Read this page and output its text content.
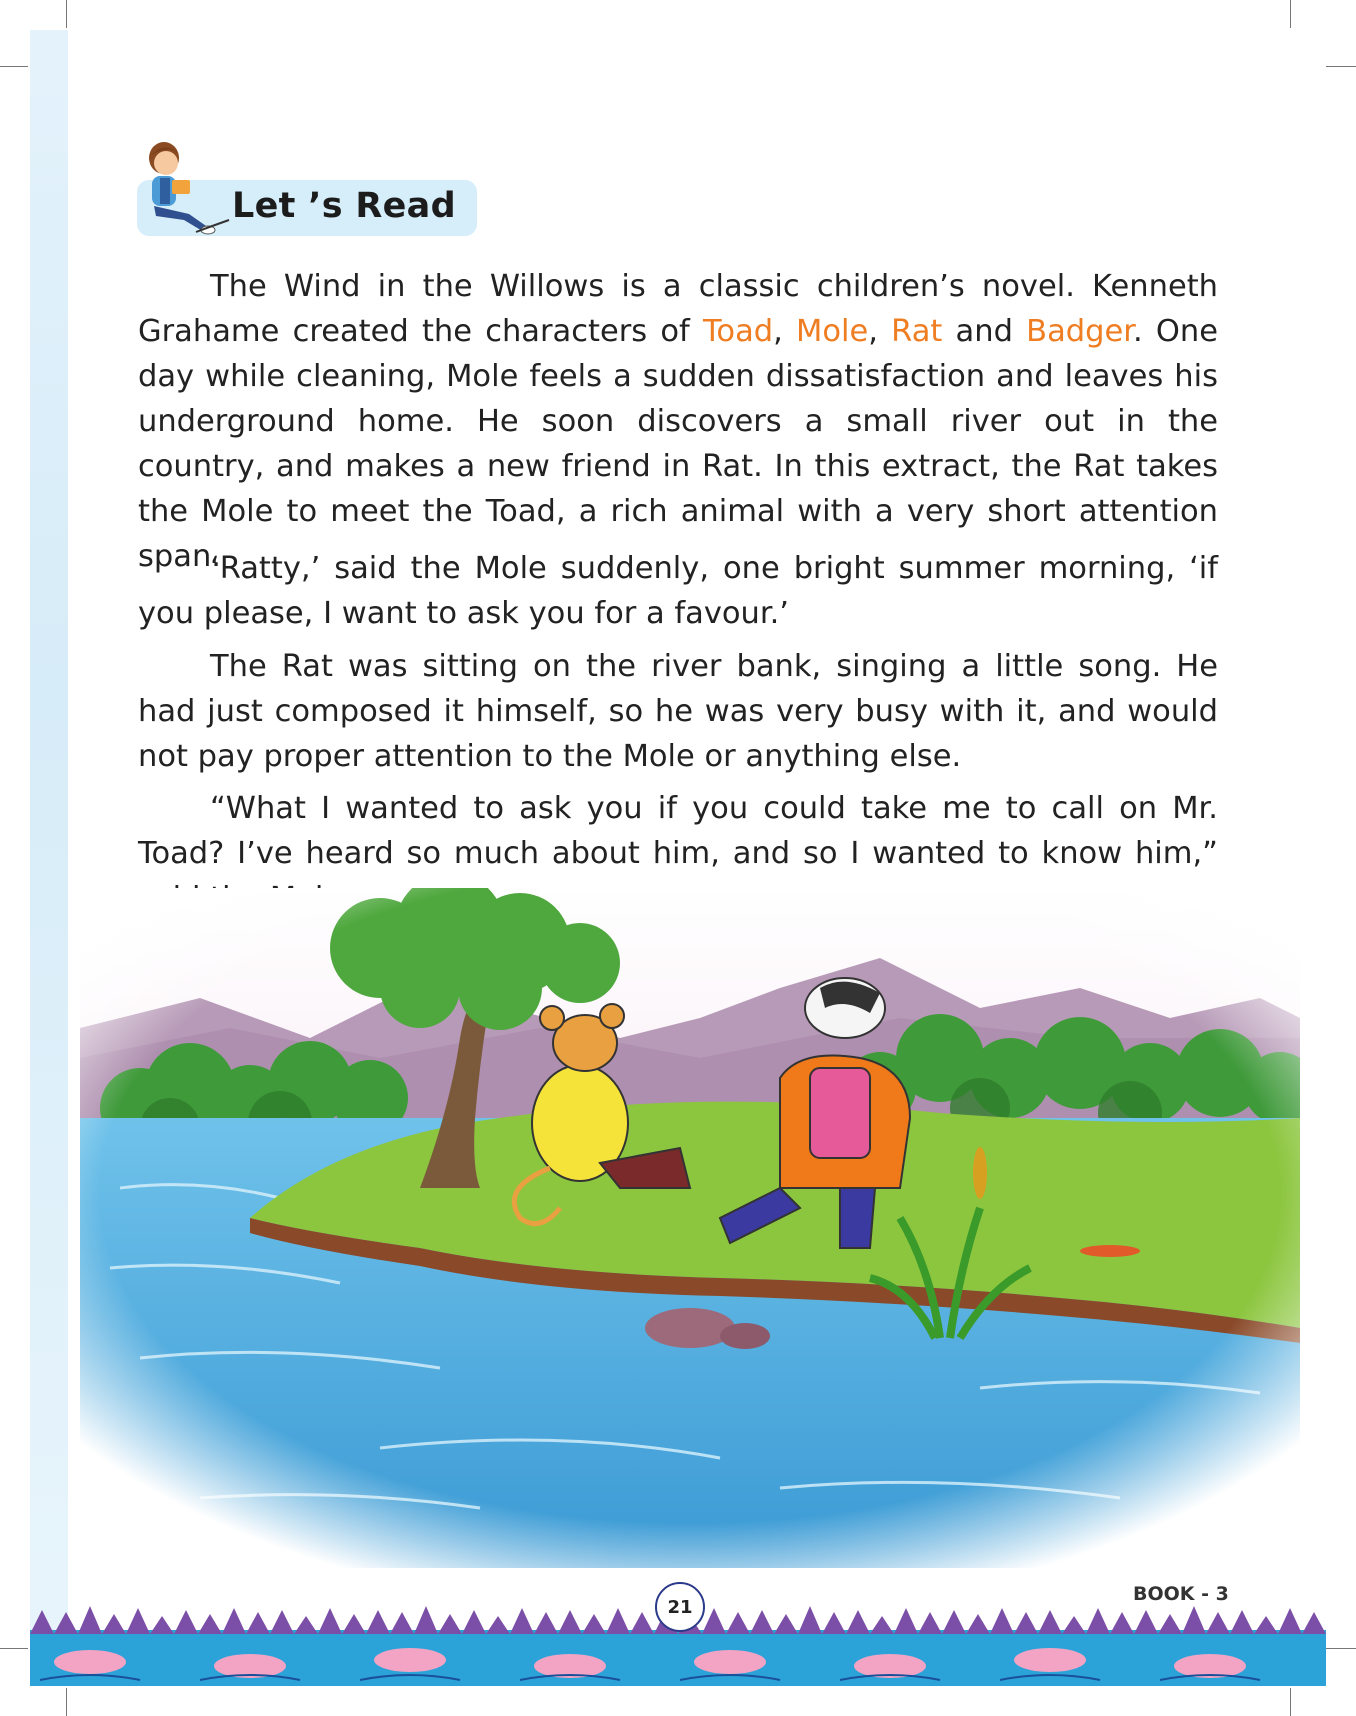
Let ’s Read

The Wind in the Willows is a classic children’s novel. Kenneth Grahame created the characters of Toad, Mole, Rat and Badger. One day while cleaning, Mole feels a sudden dissatisfaction and leaves his underground home. He soon discovers a small river out in the country, and makes a new friend in Rat. In this extract, the Rat takes the Mole to meet the Toad, a rich animal with a very short attention span.

‘Ratty,’ said the Mole suddenly, one bright summer morning, ‘if you please, I want to ask you for a favour.’

The Rat was sitting on the river bank, singing a little song. He had just composed it himself, so he was very busy with it, and would not pay proper attention to the Mole or anything else.

“What I wanted to ask you if you could take me to call on Mr. Toad? I’ve heard so much about him, and so I wanted to know him,”

21
BOOK - 3
